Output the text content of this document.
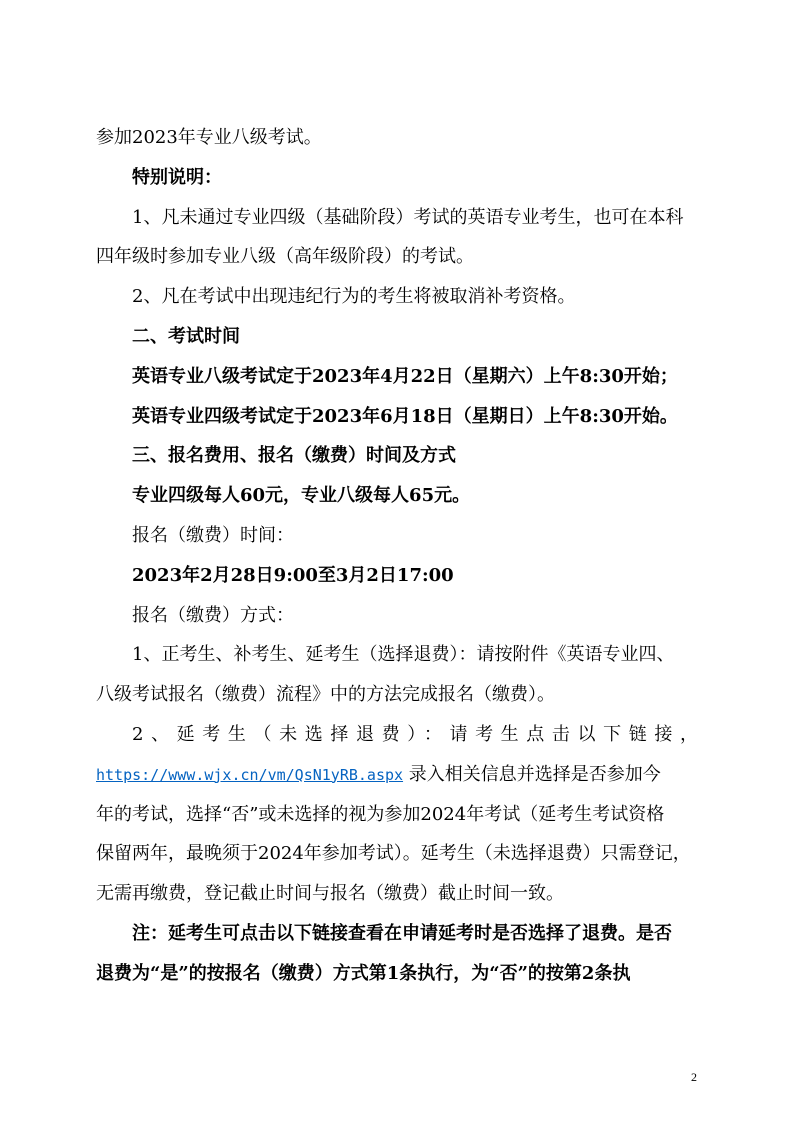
参加2023年专业八级考试。
特别说明：
1、凡未通过专业四级（基础阶段）考试的英语专业考生，也可在本科
四年级时参加专业八级（高年级阶段）的考试。
2、凡在考试中出现违纪行为的考生将被取消补考资格。
二、考试时间
英语专业八级考试定于2023年4月22日（星期六）上午8:30开始；
英语专业四级考试定于2023年6月18日（星期日）上午8:30开始。
三、报名费用、报名（缴费）时间及方式
专业四级每人60元，专业八级每人65元。
报名（缴费）时间：
2023年2月28日9:00至3月2日17:00
报名（缴费）方式：
1、正考生、补考生、延考生（选择退费）：请按附件《英语专业四、
八级考试报名（缴费）流程》中的方法完成报名（缴费）。
2、延考生（未选择退费）：请考生点击以下链接，
https://www.wjx.cn/vm/QsN1yRB.aspx 录入相关信息并选择是否参加今
年的考试，选择“否”或未选择的视为参加2024年考试（延考生考试资格
保留两年，最晚须于2024年参加考试）。延考生（未选择退费）只需登记，
无需再缴费，登记截止时间与报名（缴费）截止时间一致。
注：延考生可点击以下链接查看在申请延考时是否选择了退费。是否
退费为“是”的按报名（缴费）方式第1条执行，为“否”的按第2条执
2
